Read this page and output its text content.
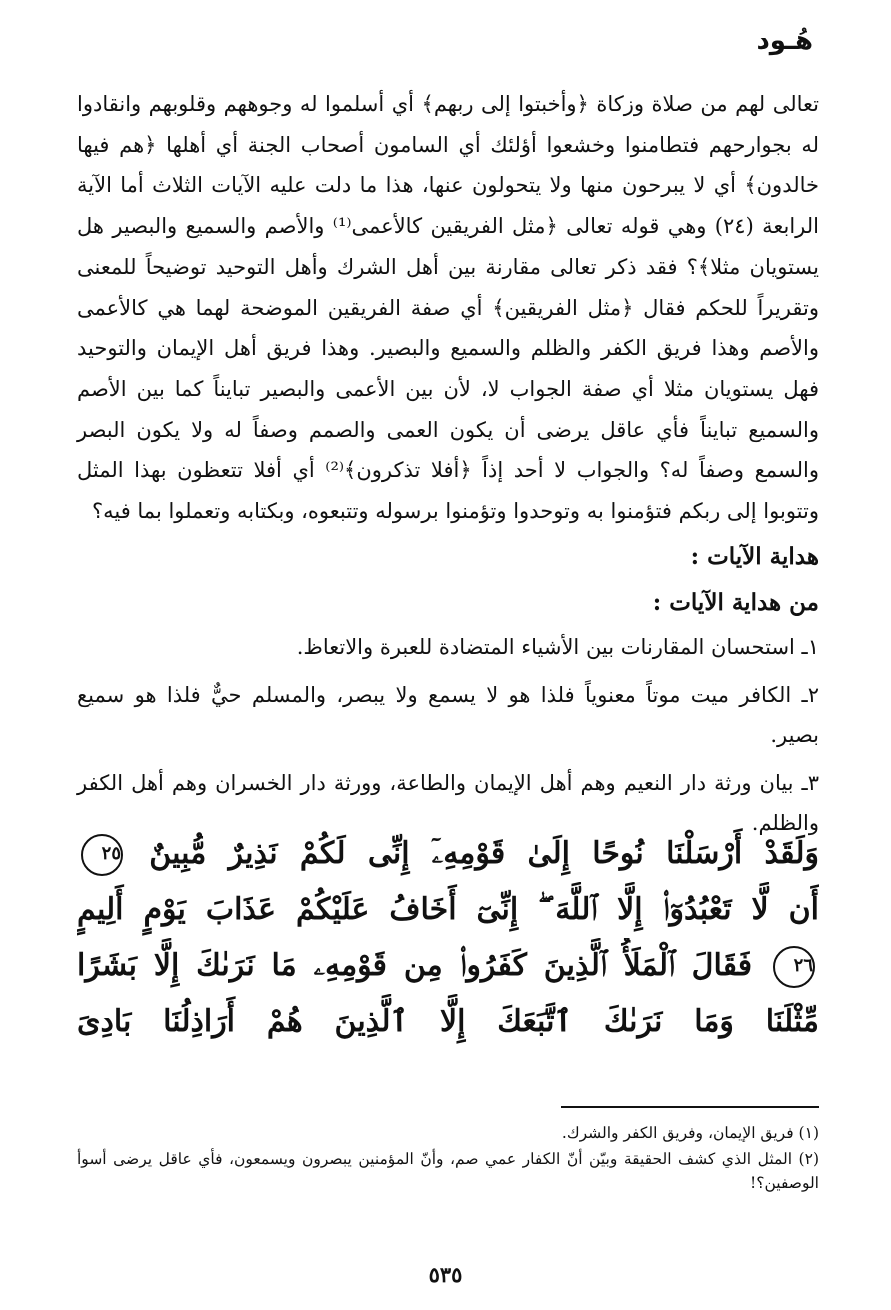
هُـود

تعالى لهم من صلاة وزكاة ﴿وأخبتوا إلى ربهم﴾ أي أسلموا له وجوههم وقلوبهم وانقادوا له بجوارحهم فتطامنوا وخشعوا أؤلئك أي السامون أصحاب الجنة أي أهلها ﴿هم فيها خالدون﴾ أي لا يبرحون منها ولا يتحولون عنها، هذا ما دلت عليه الآيات الثلاث أما الآية الرابعة (٢٤) وهي قوله تعالى ﴿مثل الفريقين كالأعمى⁽¹⁾ والأصم والسميع والبصير هل يستويان مثلا﴾؟ فقد ذكر تعالى مقارنة بين أهل الشرك وأهل التوحيد توضيحاً للمعنى وتقريراً للحكم فقال ﴿مثل الفريقين﴾ أي صفة الفريقين الموضحة لهما هي كالأعمى والأصم وهذا فريق الكفر والظلم والسميع والبصير. وهذا فريق أهل الإيمان والتوحيد فهل يستويان مثلا أي صفة الجواب لا، لأن بين الأعمى والبصير تبايناً كما بين الأصم والسميع تبايناً فأي عاقل يرضى أن يكون العمى والصمم وصفاً له ولا يكون البصر والسمع وصفاً له؟ والجواب لا أحد إذاً ﴿أفلا تذكرون﴾⁽²⁾ أي أفلا تتعظون بهذا المثل وتتوبوا إلى ربكم فتؤمنوا به وتوحدوا وتؤمنوا برسوله وتتبعوه، وبكتابه وتعملوا بما فيه؟

هداية الآيات :
من هداية الآيات :

١ـ استحسان المقارنات بين الأشياء المتضادة للعبرة والاتعاظ.

٢ـ الكافر ميت موتاً معنوياً فلذا هو لا يسمع ولا يبصر، والمسلم حيٌّ فلذا هو سميع بصير.

٣ـ بيان ورثة دار النعيم وهم أهل الإيمان والطاعة، وورثة دار الخسران وهم أهل الكفر والظلم.

وَلَقَدْ أَرْسَلْنَا نُوحًا إِلَىٰ قَوْمِهِۦٓ إِنِّى لَكُمْ نَذِيرٌ مُّبِينٌ ٢٥
أَن لَّا تَعْبُدُوٓا۟ إِلَّا ٱللَّهَ ۖ إِنِّىٓ أَخَافُ عَلَيْكُمْ عَذَابَ يَوْمٍ أَلِيمٍ
٢٦ فَقَالَ ٱلْمَلَأُ ٱلَّذِينَ كَفَرُوا۟ مِن قَوْمِهِۦ مَا نَرَىٰكَ إِلَّا بَشَرًا
مِّثْلَنَا وَمَا نَرَىٰكَ ٱتَّبَعَكَ إِلَّا ٱلَّذِينَ هُمْ أَرَاذِلُنَا بَادِىَ

(١) فريق الإيمان، وفريق الكفر والشرك.

(٢) المثل الذي كشف الحقيقة وبيّن أنّ الكفار عمي صم، وأنّ المؤمنين يبصرون ويسمعون، فأي عاقل يرضى أسوأ الوصفين؟!

٥٣٥
